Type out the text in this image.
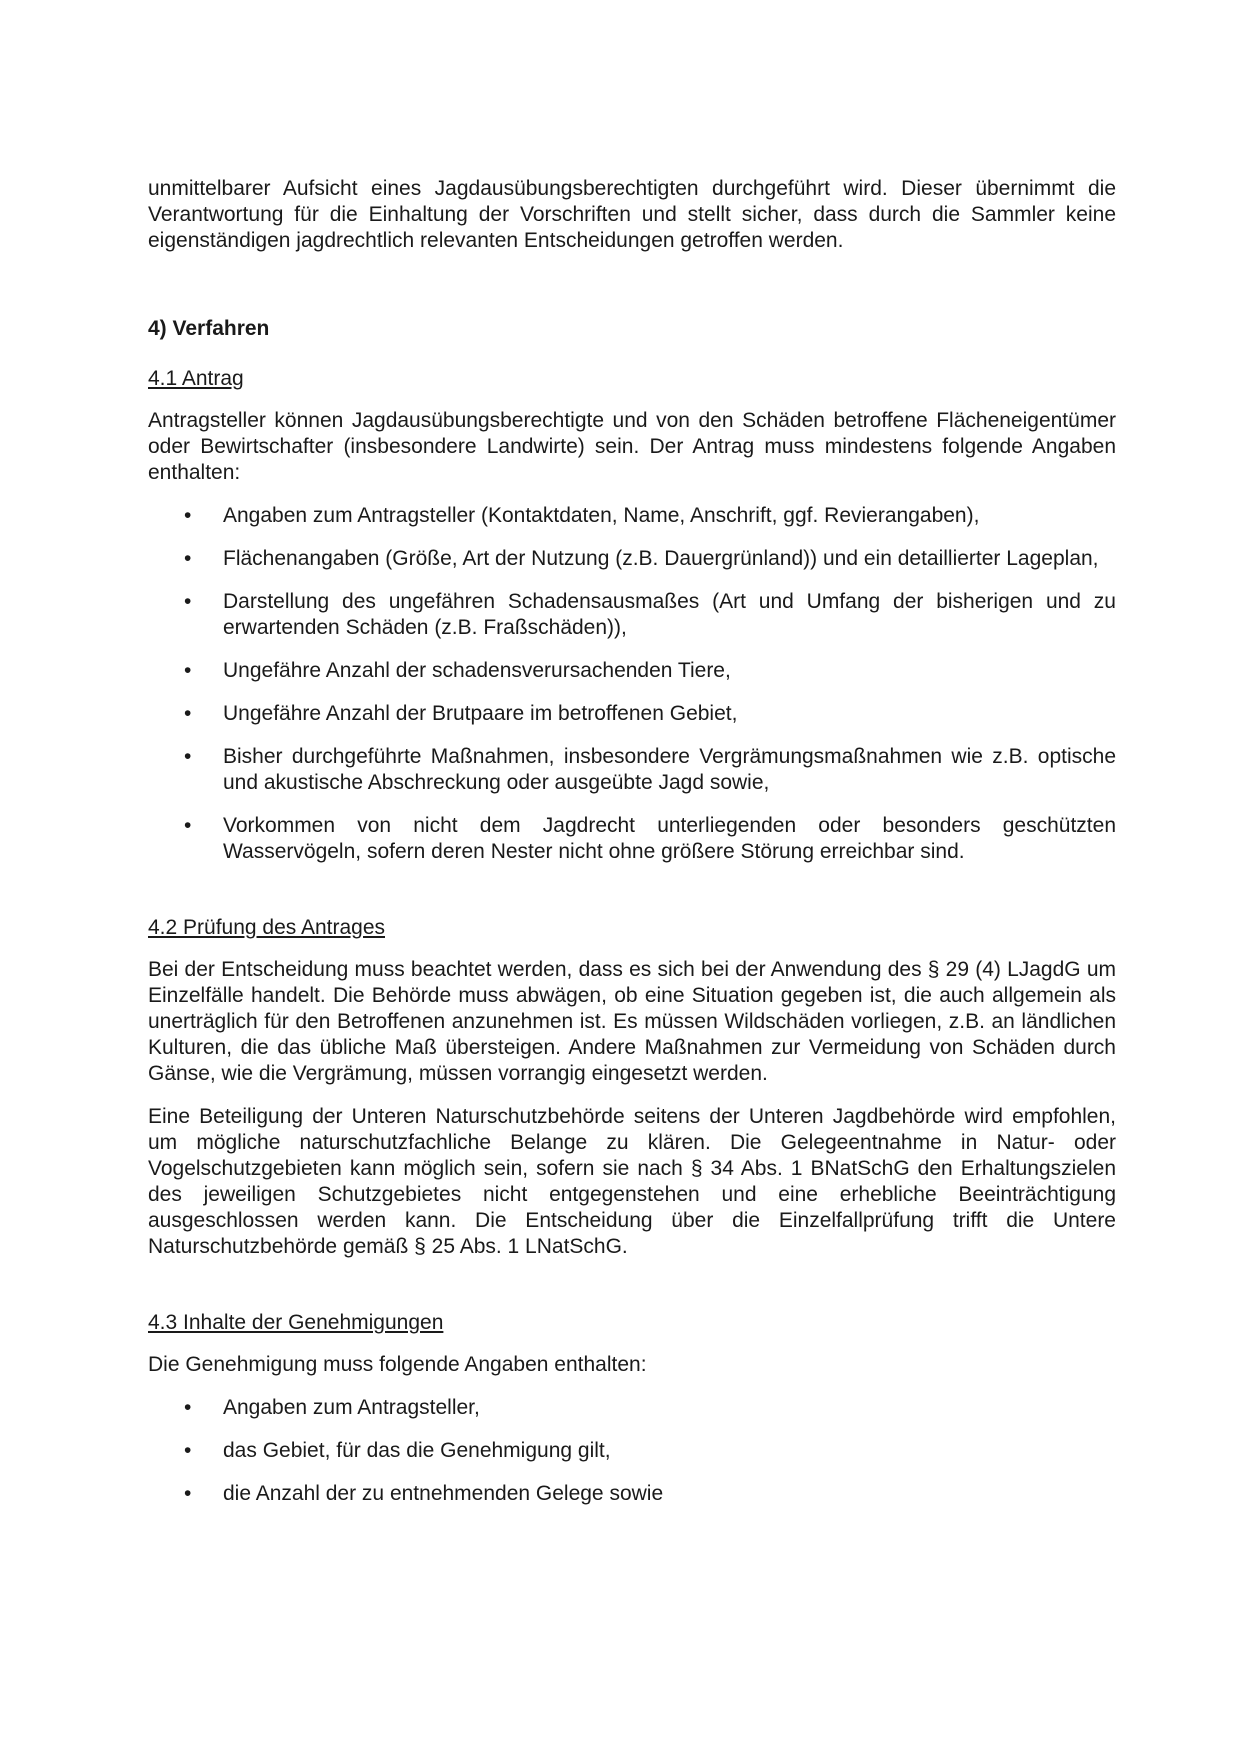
unmittelbarer Aufsicht eines Jagdausübungsberechtigten durchgeführt wird. Dieser übernimmt die Verantwortung für die Einhaltung der Vorschriften und stellt sicher, dass durch die Sammler keine eigenständigen jagdrechtlich relevanten Entscheidungen getroffen werden.

4) Verfahren

4.1 Antrag

Antragsteller können Jagdausübungsberechtigte und von den Schäden betroffene Flächeneigentümer oder Bewirtschafter (insbesondere Landwirte) sein. Der Antrag muss mindestens folgende Angaben enthalten:

• Angaben zum Antragsteller (Kontaktdaten, Name, Anschrift, ggf. Revierangaben),
• Flächenangaben (Größe, Art der Nutzung (z.B. Dauergrünland)) und ein detaillierter Lageplan,
• Darstellung des ungefähren Schadensausmaßes (Art und Umfang der bisherigen und zu erwartenden Schäden (z.B. Fraßschäden)),
• Ungefähre Anzahl der schadensverursachenden Tiere,
• Ungefähre Anzahl der Brutpaare im betroffenen Gebiet,
• Bisher durchgeführte Maßnahmen, insbesondere Vergrämungsmaßnahmen wie z.B. optische und akustische Abschreckung oder ausgeübte Jagd sowie,
• Vorkommen von nicht dem Jagdrecht unterliegenden oder besonders geschützten Wasservögeln, sofern deren Nester nicht ohne größere Störung erreichbar sind.

4.2 Prüfung des Antrages

Bei der Entscheidung muss beachtet werden, dass es sich bei der Anwendung des § 29 (4) LJagdG um Einzelfälle handelt. Die Behörde muss abwägen, ob eine Situation gegeben ist, die auch allgemein als unerträglich für den Betroffenen anzunehmen ist. Es müssen Wildschäden vorliegen, z.B. an ländlichen Kulturen, die das übliche Maß übersteigen. Andere Maßnahmen zur Vermeidung von Schäden durch Gänse, wie die Vergrämung, müssen vorrangig eingesetzt werden.

Eine Beteiligung der Unteren Naturschutzbehörde seitens der Unteren Jagdbehörde wird empfohlen, um mögliche naturschutzfachliche Belange zu klären. Die Gelegeentnahme in Natur- oder Vogelschutzgebieten kann möglich sein, sofern sie nach § 34 Abs. 1 BNatSchG den Erhaltungszielen des jeweiligen Schutzgebietes nicht entgegenstehen und eine erhebliche Beeinträchtigung ausgeschlossen werden kann. Die Entscheidung über die Einzelfallprüfung trifft die Untere Naturschutzbehörde gemäß § 25 Abs. 1 LNatSchG.

4.3 Inhalte der Genehmigungen

Die Genehmigung muss folgende Angaben enthalten:

• Angaben zum Antragsteller,
• das Gebiet, für das die Genehmigung gilt,
• die Anzahl der zu entnehmenden Gelege sowie
